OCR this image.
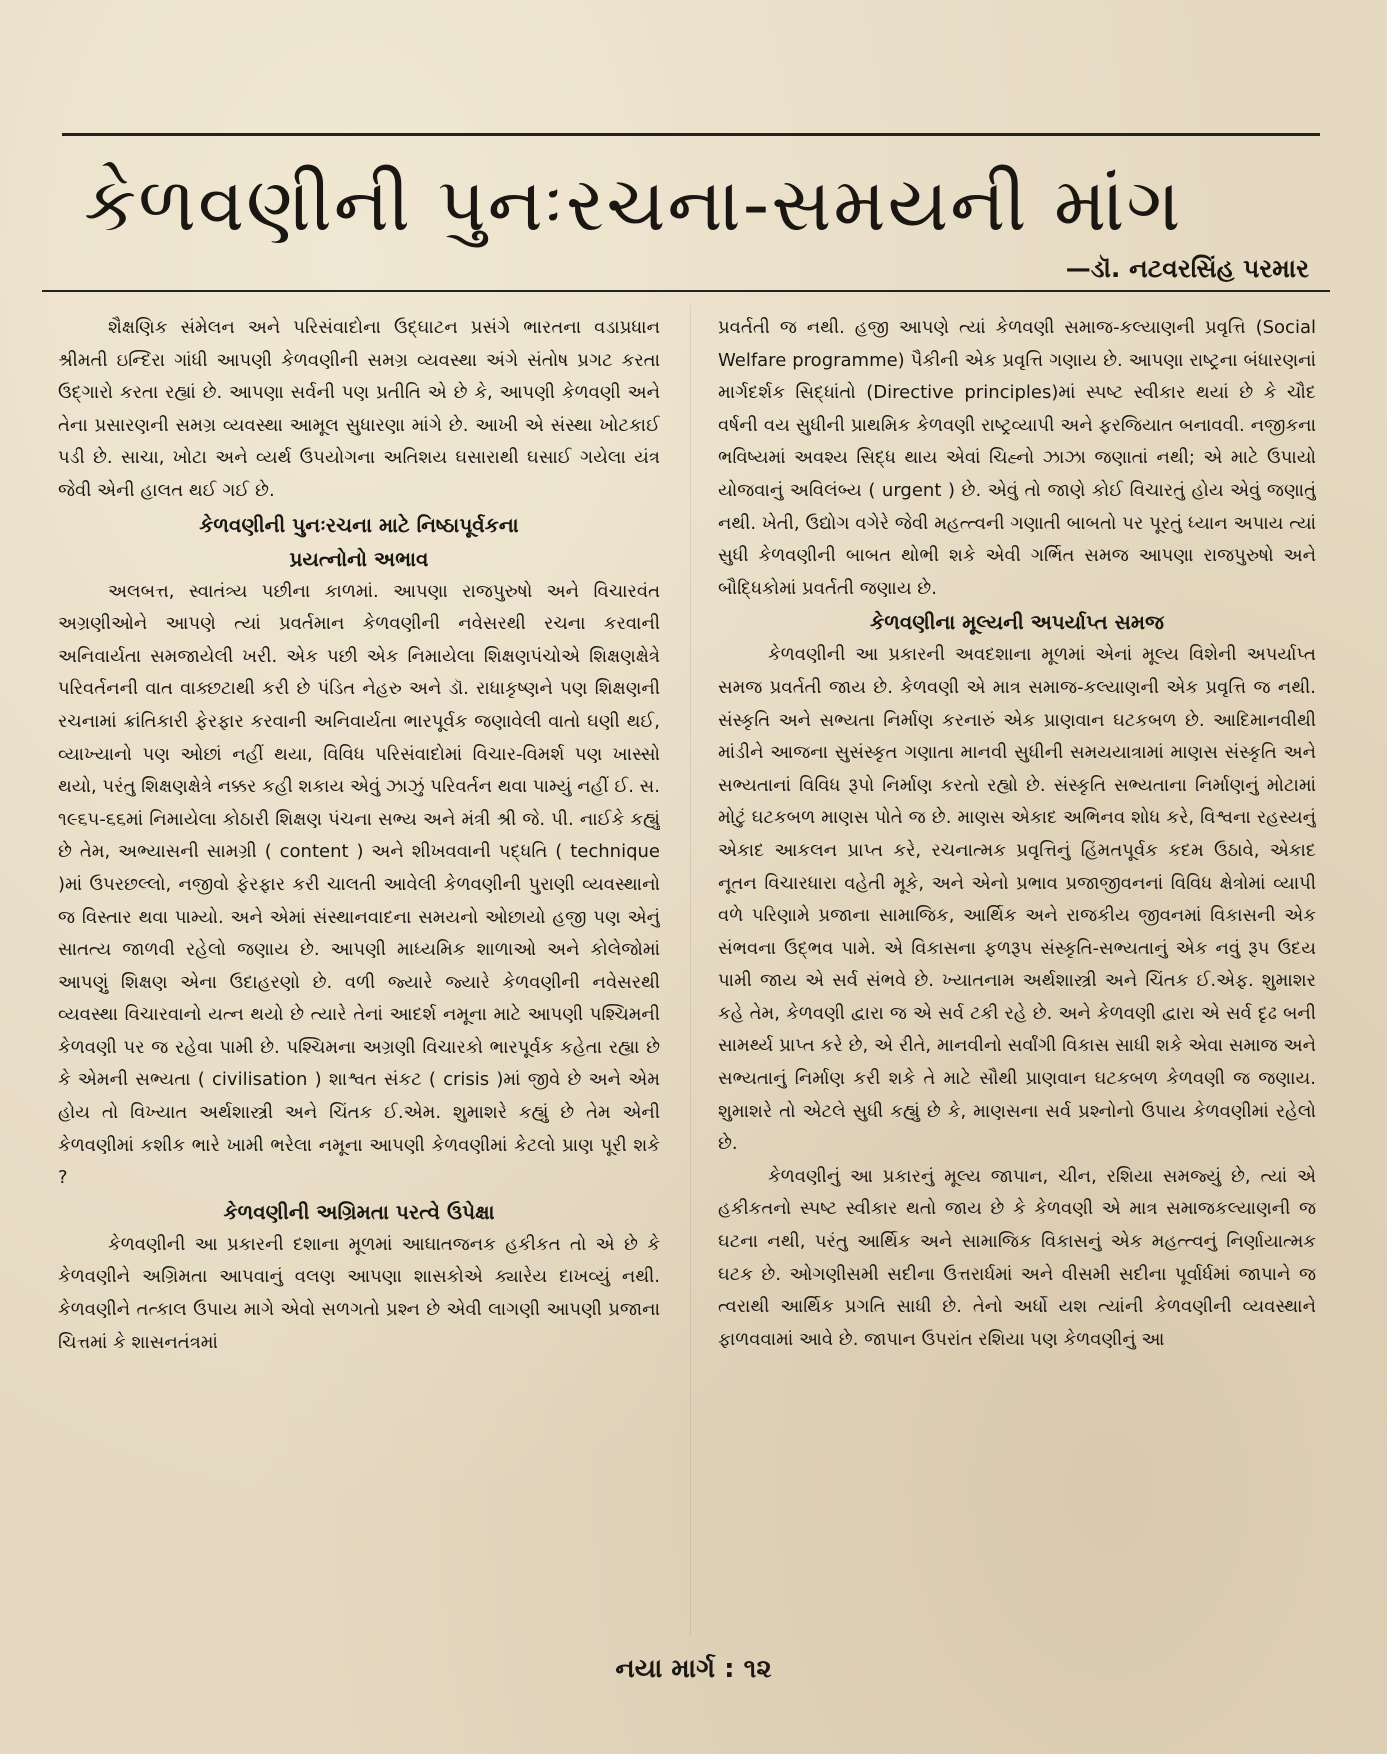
કેળવણીની પુનઃરચના-સમયની માંગ
—ડૉ. નટવરસિંહ પરમાર

શૈક્ષણિક સંમેલન અને પરિસંવાદોના ઉદ્ઘાટન પ્રસંગે ભારતના વડાપ્રધાન શ્રીમતી ઇન્દિરા ગાંધી આપણી કેળવણીની સમગ્ર વ્યવસ્થા અંગે સંતોષ પ્રગટ કરતા ઉદ્ગારો કરતા રહ્યાં છે. આપણા સર્વની પણ પ્રતીતિ એ છે કે, આપણી કેળવણી અને તેના પ્રસારણની સમગ્ર વ્યવસ્થા આમૂલ સુધારણા માંગે છે. આખી એ સંસ્થા ખોટકાઈ પડી છે. સાચા, ખોટા અને વ્યર્થ ઉપયોગના અતિશય ઘસારાથી ઘસાઈ ગયેલા યંત્ર જેવી એની હાલત થઈ ગઈ છે.

કેળવણીની પુનઃરચના માટે નિષ્ઠાપૂર્વકના
પ્રયત્નોનો અભાવ

અલબત્ત, સ્વાતંત્ર્ય પછીના કાળમાં. આપણા રાજપુરુષો અને વિચારવંત અગ્રણીઓને આપણે ત્યાં પ્રવર્તમાન કેળવણીની નવેસરથી રચના કરવાની અનિવાર્યતા સમજાયેલી ખરી. એક પછી એક નિમાયેલા શિક્ષણપંચોએ શિક્ષણક્ષેત્રે પરિવર્તનની વાત વાક્છટાથી કરી છે પંડિત નેહરુ અને ડૉ. રાધાકૃષ્ણને પણ શિક્ષણની રચનામાં ક્રાંતિકારી ફેરફાર કરવાની અનિવાર્યતા ભારપૂર્વક જણાવેલી વાતો ઘણી થઈ, વ્યાખ્યાનો પણ ઓછાં નહીં થયા, વિવિધ પરિસંવાદોમાં વિચાર-વિમર્શ પણ ખાસ્સો થયો, પરંતુ શિક્ષણક્ષેત્રે નક્કર કહી શકાય એવું ઝાઝું પરિવર્તન થવા પામ્યું નહીં ઈ. સ. ૧૯૬૫-૬૬માં નિમાયેલા કોઠારી શિક્ષણ પંચના સભ્ય અને મંત્રી શ્રી જે. પી. નાઈકે કહ્યું છે તેમ, અભ્યાસની સામગ્રી ( content ) અને શીખવવાની પદ્ધતિ ( technique )માં ઉપરછલ્લો, નજીવો ફેરફાર કરી ચાલતી આવેલી કેળવણીની પુરાણી વ્યવસ્થાનો જ વિસ્તાર થવા પામ્યો. અને એમાં સંસ્થાનવાદના સમયનો ઓછાયો હજી પણ એનું સાતત્ય જાળવી રહેલો જણાય છે. આપણી માધ્યમિક શાળાઓ અને કોલેજોમાં આપણું શિક્ષણ એના ઉદાહરણો છે. વળી જ્યારે જ્યારે કેળવણીની નવેસરથી વ્યવસ્થા વિચારવાનો યત્ન થયો છે ત્યારે તેનાં આદર્શ નમૂના માટે આપણી પશ્ચિમની કેળવણી પર જ રહેવા પામી છે. પશ્ચિમના અગ્રણી વિચારકો ભારપૂર્વક કહેતા રહ્યા છે કે એમની સભ્યતા ( civilisation ) શાશ્વત સંકટ ( crisis )માં જીવે છે અને એમ હોય તો વિખ્યાત અર્થશાસ્ત્રી અને ચિંતક ઈ.એમ. શુમાશરે કહ્યું છે તેમ એની કેળવણીમાં કશીક ભારે ખામી ભરેલા નમૂના આપણી કેળવણીમાં કેટલો પ્રાણ પૂરી શકે ?

કેળવણીની અગ્રિમતા પરત્વે ઉપેક્ષા

કેળવણીની આ પ્રકારની દશાના મૂળમાં આઘાતજનક હકીકત તો એ છે કે કેળવણીને અગ્રિમતા આપવાનું વલણ આપણા શાસકોએ ક્યારેય દાખવ્યું નથી. કેળવણીને તત્કાલ ઉપાય માગે એવો સળગતો પ્રશ્ન છે એવી લાગણી આપણી પ્રજાના ચિત્તમાં કે શાસનતંત્રમાં

પ્રવર્તતી જ નથી. હજી આપણે ત્યાં કેળવણી સમાજ-કલ્યાણની પ્રવૃત્તિ (Social Welfare programme) પૈકીની એક પ્રવૃત્તિ ગણાય છે. આપણા રાષ્ટ્રના બંધારણનાં માર્ગદર્શક સિદ્ધાંતો (Directive principles)માં સ્પષ્ટ સ્વીકાર થયાં છે કે ચૌદ વર્ષની વય સુધીની પ્રાથમિક કેળવણી રાષ્ટ્રવ્યાપી અને ફરજિયાત બનાવવી. નજીકના ભવિષ્યમાં અવશ્ય સિદ્ધ થાય એવાં ચિહ્નો ઝાઝા જણાતાં નથી; એ માટે ઉપાયો યોજવાનું અવિલંબ્ય ( urgent ) છે. એવું તો જાણે કોઈ વિચારતું હોય એવું જણાતું નથી. ખેતી, ઉદ્યોગ વગેરે જેવી મહત્ત્વની ગણાતી બાબતો પર પૂરતું ધ્યાન અપાય ત્યાં સુધી કેળવણીની બાબત થોભી શકે એવી ગર્ભિત સમજ આપણા રાજપુરુષો અને બૌદ્ધિકોમાં પ્રવર્તતી જણાય છે.

કેળવણીના મૂલ્યની અપર્યાપ્ત સમજ

કેળવણીની આ પ્રકારની અવદશાના મૂળમાં એનાં મૂલ્ય વિશેની અપર્યાપ્ત સમજ પ્રવર્તતી જાય છે. કેળવણી એ માત્ર સમાજ-કલ્યાણની એક પ્રવૃત્તિ જ નથી. સંસ્કૃતિ અને સભ્યતા નિર્માણ કરનારું એક પ્રાણવાન ઘટકબળ છે. આદિમાનવીથી માંડીને આજના સુસંસ્કૃત ગણાતા માનવી સુધીની સમયયાત્રામાં માણસ સંસ્કૃતિ અને સભ્યતાનાં વિવિધ રૂપો નિર્માણ કરતો રહ્યો છે. સંસ્કૃતિ સભ્યતાના નિર્માણનું મોટામાં મોટું ઘટકબળ માણસ પોતે જ છે. માણસ એકાદ અભિનવ શોધ કરે, વિશ્વના રહસ્યનું એકાદ આકલન પ્રાપ્ત કરે, રચનાત્મક પ્રવૃત્તિનું હિંમતપૂર્વક કદમ ઉઠાવે, એકાદ નૂતન વિચારધારા વહેતી મૂકે, અને એનો પ્રભાવ પ્રજાજીવનનાં વિવિધ ક્ષેત્રોમાં વ્યાપી વળે પરિણામે પ્રજાના સામાજિક, આર્થિક અને રાજકીય જીવનમાં વિકાસની એક સંભવના ઉદ્ભવ પામે. એ વિકાસના ફળરૂપ સંસ્કૃતિ-સભ્યતાનું એક નવું રૂપ ઉદય પામી જાય એ સર્વ સંભવે છે. ખ્યાતનામ અર્થશાસ્ત્રી અને ચિંતક ઈ.એફ. શુમાશર કહે તેમ, કેળવણી દ્વારા જ એ સર્વ ટકી રહે છે. અને કેળવણી દ્વારા એ સર્વ દૃઢ બની સામર્થ્ય પ્રાપ્ત કરે છે, એ રીતે, માનવીનો સર્વાંગી વિકાસ સાધી શકે એવા સમાજ અને સભ્યતાનું નિર્માણ કરી શકે તે માટે સૌથી પ્રાણવાન ઘટકબળ કેળવણી જ જણાય. શુમાશરે તો એટલે સુધી કહ્યું છે કે, માણસના સર્વ પ્રશ્નોનો ઉપાય કેળવણીમાં રહેલો છે.

કેળવણીનું આ પ્રકારનું મૂલ્ય જાપાન, ચીન, રશિયા સમજ્યું છે, ત્યાં એ હકીકતનો સ્પષ્ટ સ્વીકાર થતો જાય છે કે કેળવણી એ માત્ર સમાજકલ્યાણની જ ઘટના નથી, પરંતુ આર્થિક અને સામાજિક વિકાસનું એક મહત્ત્વનું નિર્ણાયાત્મક ઘટક છે. ઓગણીસમી સદીના ઉત્તરાર્ધમાં અને વીસમી સદીના પૂર્વાર્ધમાં જાપાને જ ત્વરાથી આર્થિક પ્રગતિ સાધી છે. તેનો અર્ધો યશ ત્યાંની કેળવણીની વ્યવસ્થાને ફાળવવામાં આવે છે. જાપાન ઉપરાંત રશિયા પણ કેળવણીનું આ

નયા માર્ગ : ૧૨
